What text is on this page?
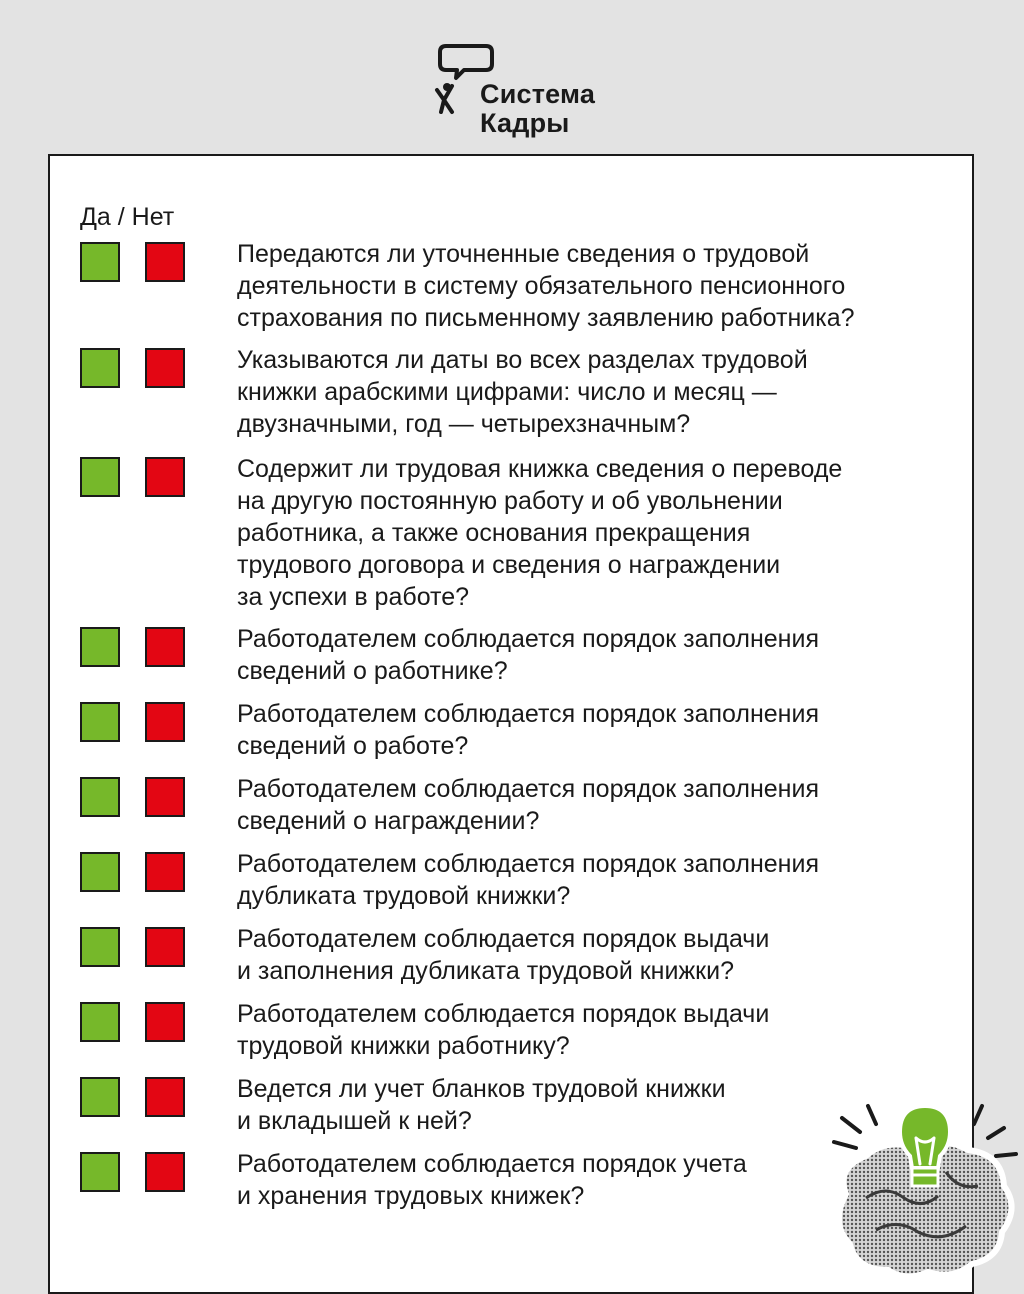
Система
Кадры
Да / Нет
Передаются ли уточненные сведения о трудовой
деятельности в систему обязательного пенсионного
страхования по письменному заявлению работника?
Указываются ли даты во всех разделах трудовой
книжки арабскими цифрами: число и месяц —
двузначными, год — четырехзначным?
Содержит ли трудовая книжка сведения о переводе
на другую постоянную работу и об увольнении
работника, а также основания прекращения
трудового договора и сведения о награждении
за успехи в работе?
Работодателем соблюдается порядок заполнения
сведений о работнике?
Работодателем соблюдается порядок заполнения
сведений о работе?
Работодателем соблюдается порядок заполнения
сведений о награждении?
Работодателем соблюдается порядок заполнения
дубликата трудовой книжки?
Работодателем соблюдается порядок выдачи
и заполнения дубликата трудовой книжки?
Работодателем соблюдается порядок выдачи
трудовой книжки работнику?
Ведется ли учет бланков трудовой книжки
и вкладышей к ней?
Работодателем соблюдается порядок учета
и хранения трудовых книжек?
